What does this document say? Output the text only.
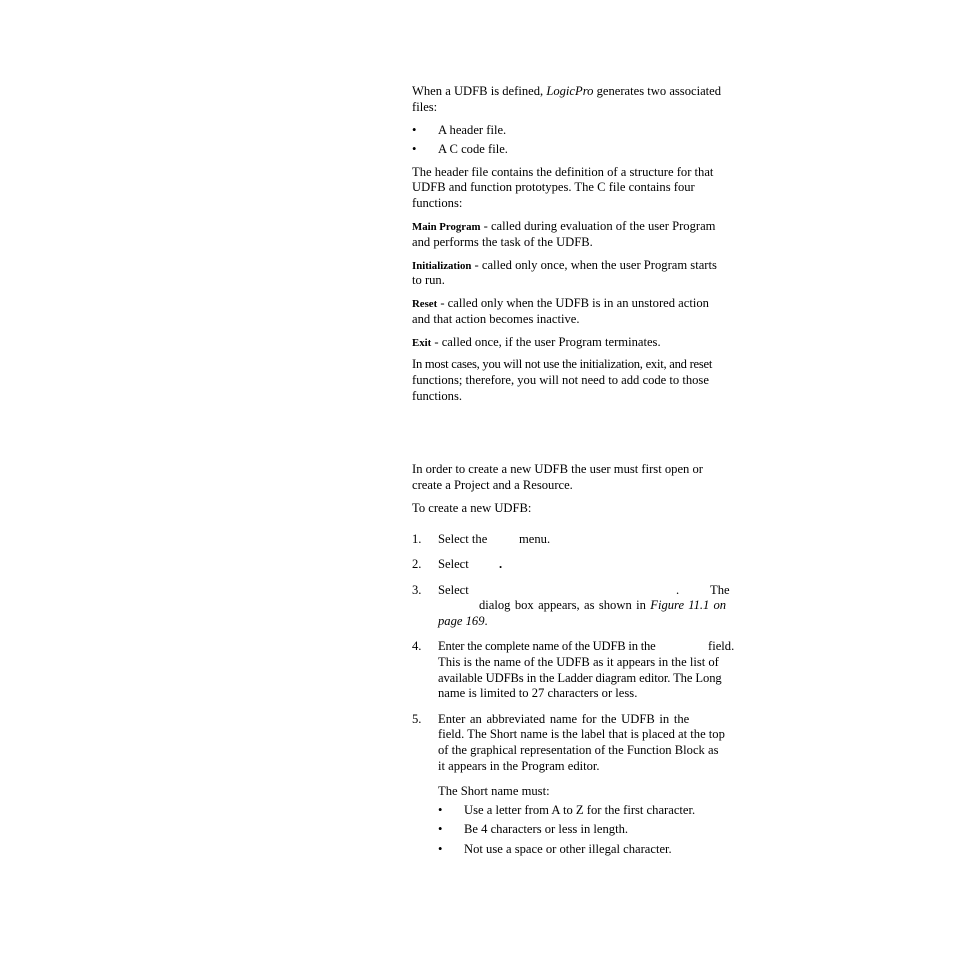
When a UDFB is defined, LogicPro generates two associated
files:
• A header file.
• A C code file.
The header file contains the definition of a structure for that
UDFB and function prototypes. The C file contains four
functions:
Main Program - called during evaluation of the user Program
and performs the task of the UDFB.
Initialization - called only once, when the user Program starts
to run.
Reset - called only when the UDFB is in an unstored action
and that action becomes inactive.
Exit - called once, if the user Program terminates.
In most cases, you will not use the initialization, exit, and reset
functions; therefore, you will not need to add code to those
functions.
In order to create a new UDFB the user must first open or
create a Project and a Resource.
To create a new UDFB:
1. Select the	menu.
2. Select .
3. Select	. The
dialog box appears, as shown in Figure 11.1 on
page 169.
4. Enter the complete name of the UDFB in the	field.
This is the name of the UDFB as it appears in the list of
available UDFBs in the Ladder diagram editor. The Long
name is limited to 27 characters or less.
5. Enter an abbreviated name for the UDFB in the
field. The Short name is the label that is placed at the top
of the graphical representation of the Function Block as
it appears in the Program editor.
The Short name must:
• Use a letter from A to Z for the first character.
• Be 4 characters or less in length.
• Not use a space or other illegal character.
